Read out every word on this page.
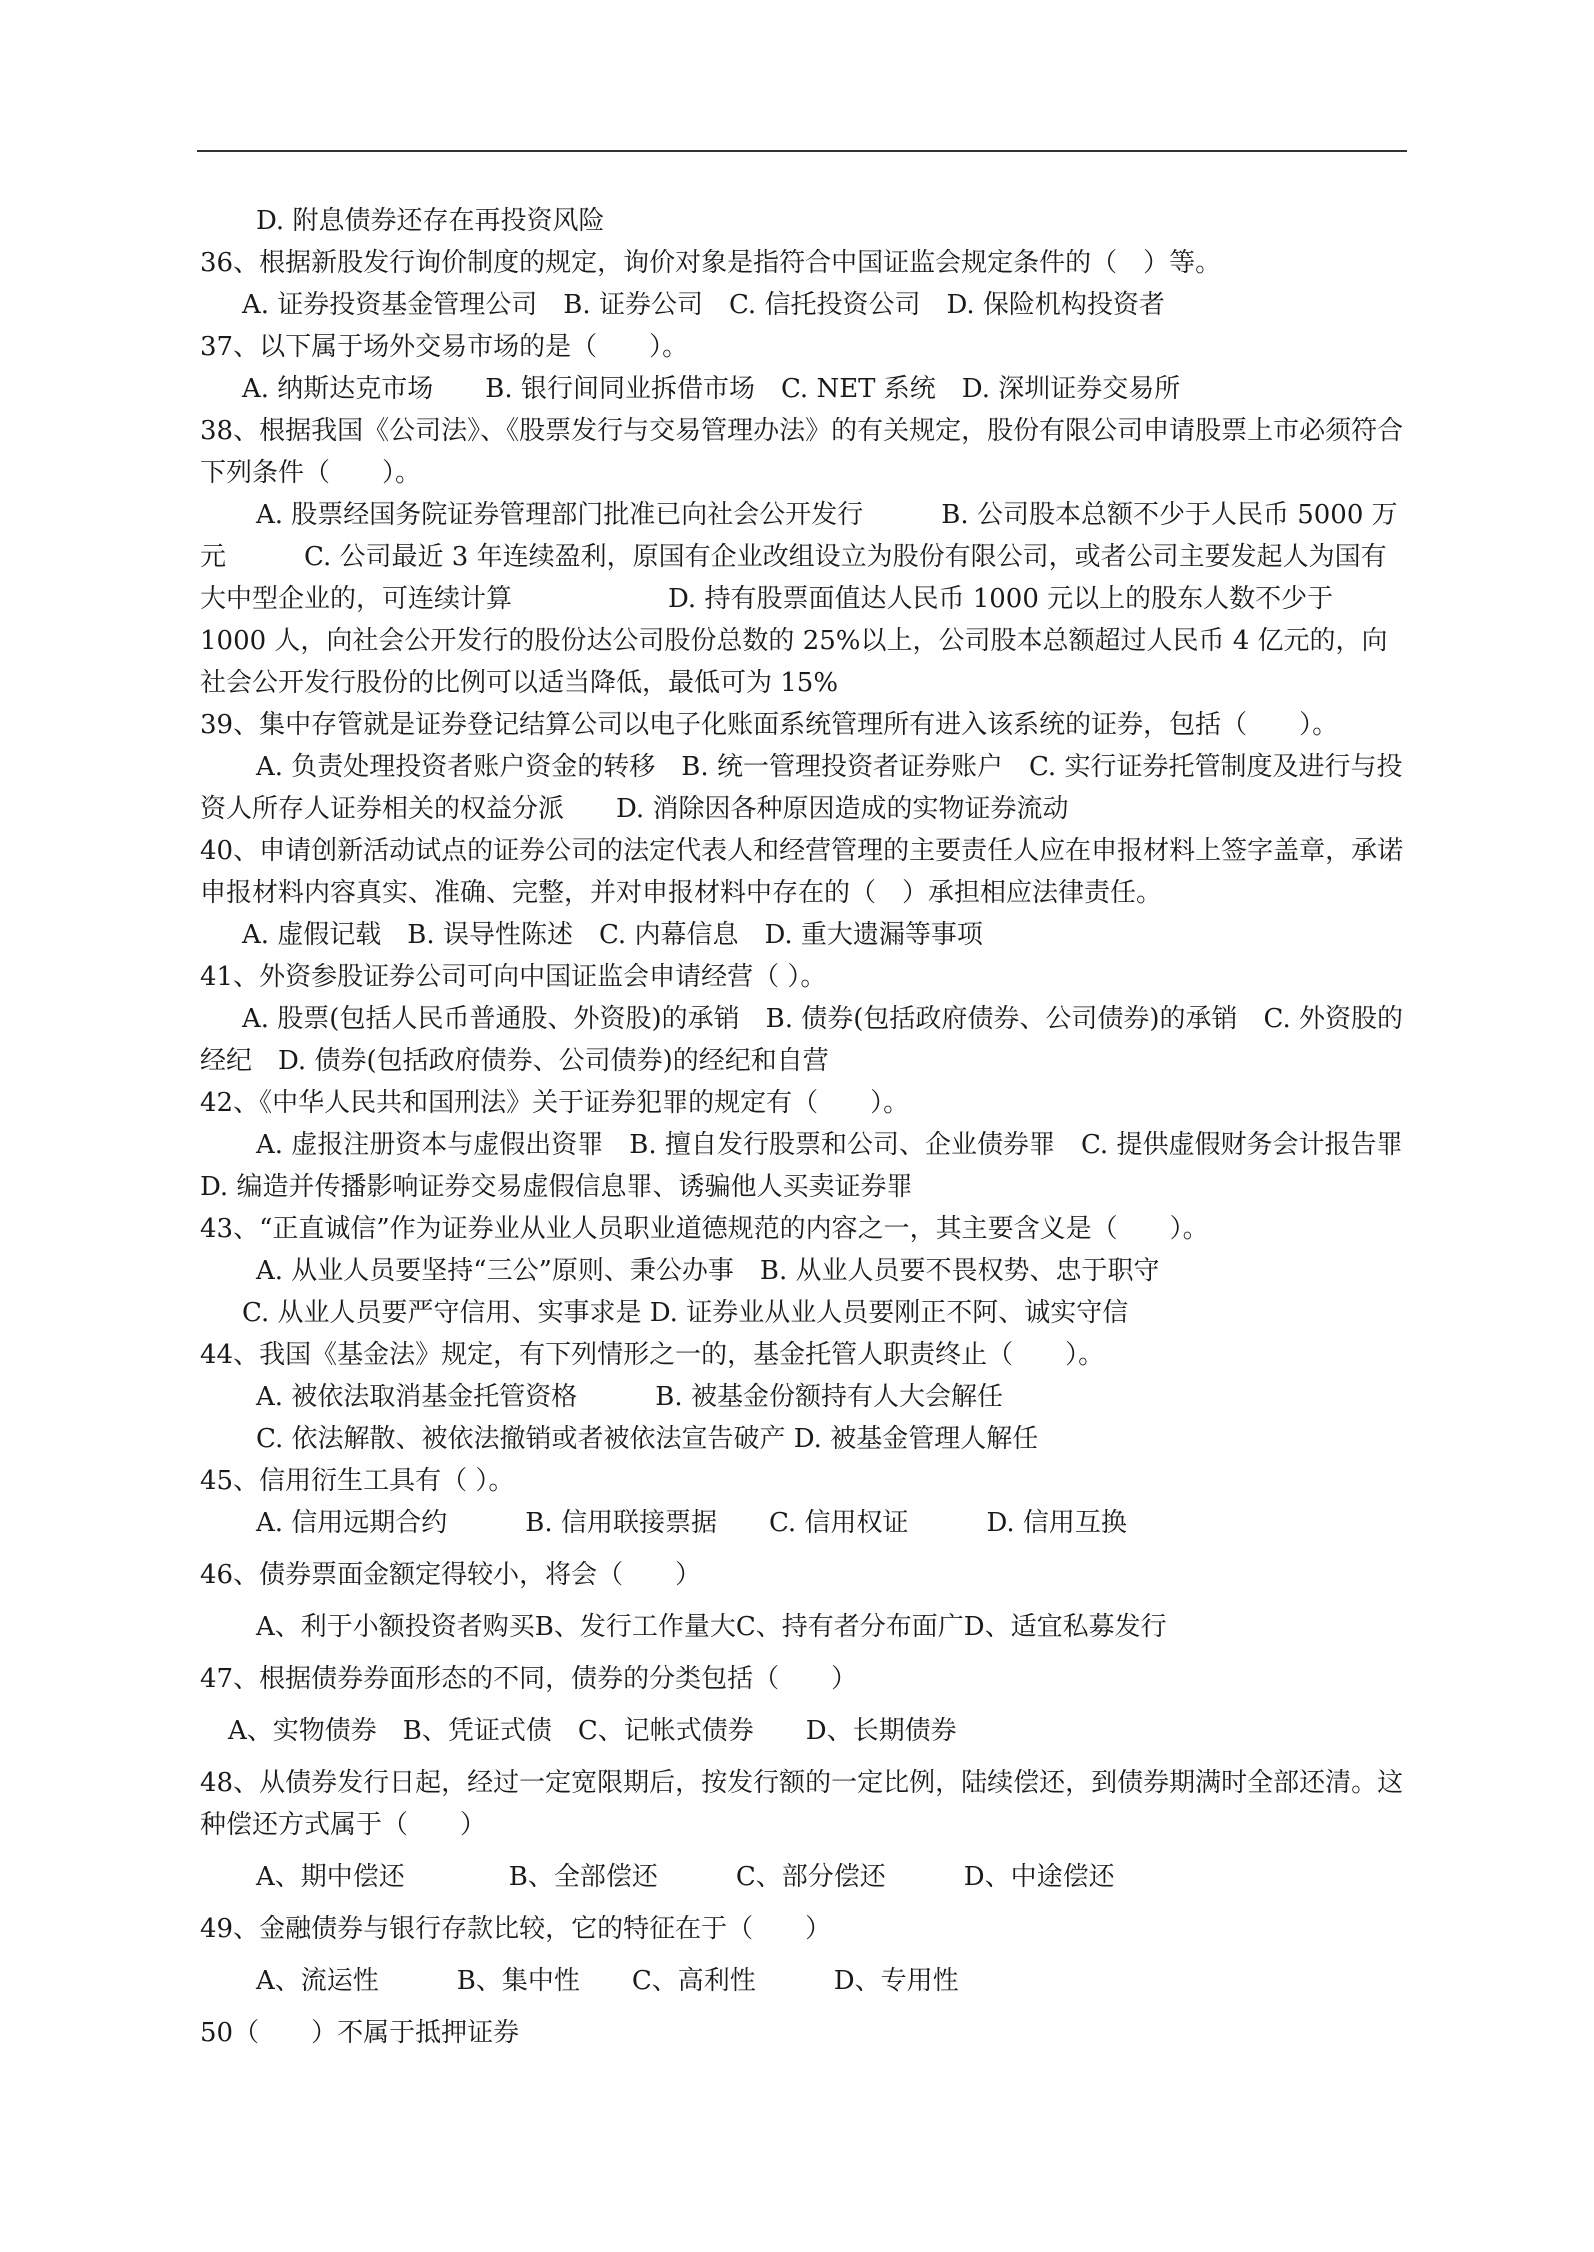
D. 附息债券还存在再投资风险

36、根据新股发行询价制度的规定，询价对象是指符合中国证监会规定条件的（　）等。

A. 证券投资基金管理公司　B. 证券公司　C. 信托投资公司　D. 保险机构投资者

37、以下属于场外交易市场的是（　　）。

A. 纳斯达克市场　　B. 银行间同业拆借市场　C. NET 系统　D. 深圳证券交易所

38、根据我国《公司法》、《股票发行与交易管理办法》的有关规定，股份有限公司申请股票上市必须符合下列条件（　　）。

A. 股票经国务院证券管理部门批准已向社会公开发行　　　B. 公司股本总额不少于人民币 5000 万元　　　C. 公司最近 3 年连续盈利，原国有企业改组设立为股份有限公司，或者公司主要发起人为国有大中型企业的，可连续计算　　　　　　D. 持有股票面值达人民币 1000 元以上的股东人数不少于 1000 人，向社会公开发行的股份达公司股份总数的 25%以上，公司股本总额超过人民币 4 亿元的，向社会公开发行股份的比例可以适当降低，最低可为 15%

39、集中存管就是证券登记结算公司以电子化账面系统管理所有进入该系统的证券，包括（　　）。

A. 负责处理投资者账户资金的转移　B. 统一管理投资者证券账户　C. 实行证券托管制度及进行与投资人所存人证券相关的权益分派　　D. 消除因各种原因造成的实物证券流动

40、申请创新活动试点的证券公司的法定代表人和经营管理的主要责任人应在申报材料上签字盖章，承诺申报材料内容真实、准确、完整，并对申报材料中存在的（　）承担相应法律责任。

A. 虚假记载　B. 误导性陈述　C. 内幕信息　D. 重大遗漏等事项

41、外资参股证券公司可向中国证监会申请经营（ ）。

A. 股票(包括人民币普通股、外资股)的承销　B. 债券(包括政府债券、公司债券)的承销　C. 外资股的经纪　D. 债券(包括政府债券、公司债券)的经纪和自营

42、《中华人民共和国刑法》关于证券犯罪的规定有（　　）。

A. 虚报注册资本与虚假出资罪　B. 擅自发行股票和公司、企业债券罪　C. 提供虚假财务会计报告罪　D. 编造并传播影响证券交易虚假信息罪、诱骗他人买卖证券罪

43、“正直诚信”作为证券业从业人员职业道德规范的内容之一，其主要含义是（　　）。

A. 从业人员要坚持“三公”原则、秉公办事　B. 从业人员要不畏权势、忠于职守

C. 从业人员要严守信用、实事求是 D. 证券业从业人员要刚正不阿、诚实守信

44、我国《基金法》规定，有下列情形之一的，基金托管人职责终止（　　）。

A. 被依法取消基金托管资格　　　B. 被基金份额持有人大会解任

C. 依法解散、被依法撤销或者被依法宣告破产 D. 被基金管理人解任

45、信用衍生工具有（ ）。

A. 信用远期合约　　　B. 信用联接票据　　C. 信用权证　　　D. 信用互换

46、债券票面金额定得较小，将会（　　）

A、利于小额投资者购买B、发行工作量大C、持有者分布面广D、适宜私募发行

47、根据债券券面形态的不同，债券的分类包括（　　）

A、实物债券　B、凭证式债　C、记帐式债券　　D、长期债券

48、从债券发行日起，经过一定宽限期后，按发行额的一定比例，陆续偿还，到债券期满时全部还清。这种偿还方式属于（　　）

A、期中偿还　　　　B、全部偿还　　　C、部分偿还　　　D、中途偿还

49、金融债券与银行存款比较，它的特征在于（　　）

A、流运性　　　B、集中性　　C、高利性　　　D、专用性

50（　　）不属于抵押证券
